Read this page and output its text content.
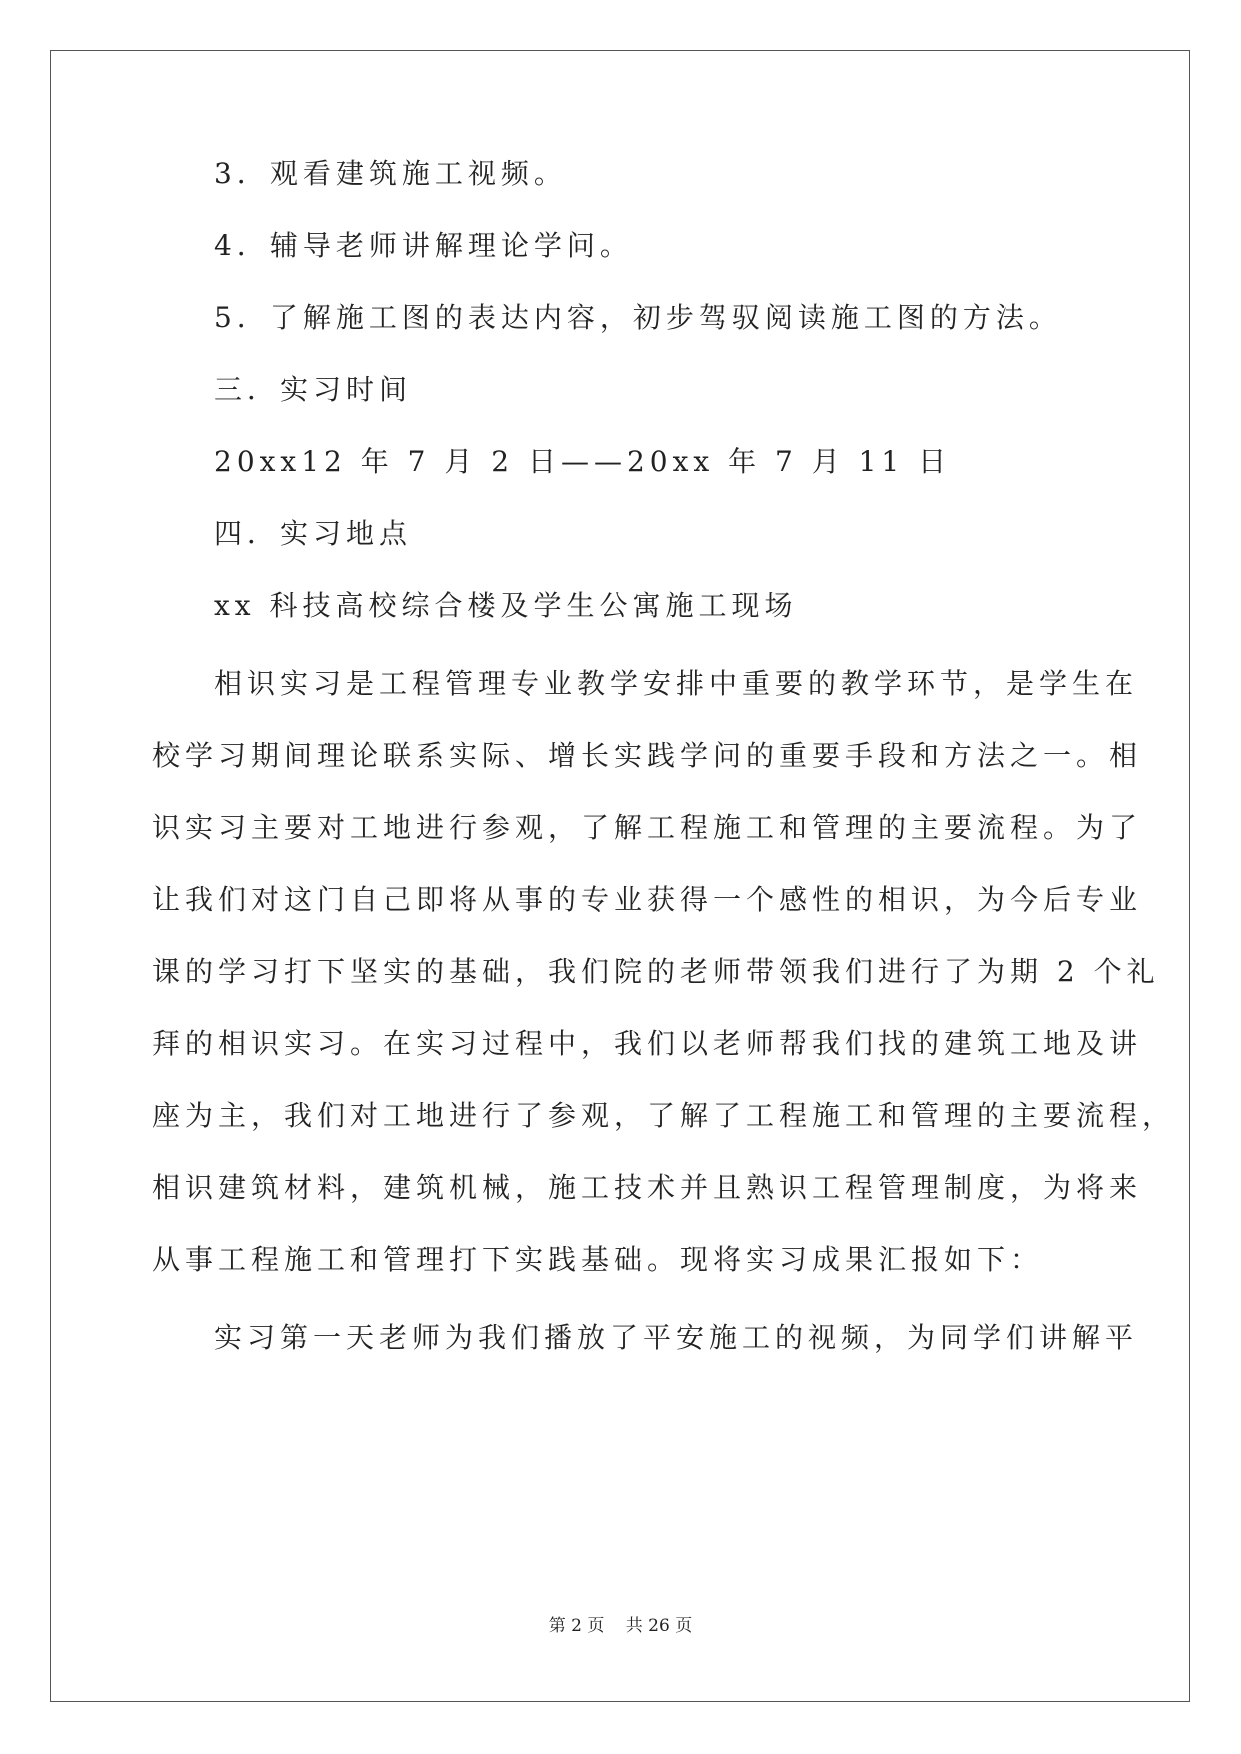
3．观看建筑施工视频。
4．辅导老师讲解理论学问。
5．了解施工图的表达内容，初步驾驭阅读施工图的方法。
三．实习时间
20xx12 年 7 月 2 日——20xx 年 7 月 11 日
四．实习地点
xx 科技高校综合楼及学生公寓施工现场
相识实习是工程管理专业教学安排中重要的教学环节，是学生在
校学习期间理论联系实际、增长实践学问的重要手段和方法之一。相
识实习主要对工地进行参观，了解工程施工和管理的主要流程。为了
让我们对这门自己即将从事的专业获得一个感性的相识，为今后专业
课的学习打下坚实的基础，我们院的老师带领我们进行了为期 2 个礼
拜的相识实习。在实习过程中，我们以老师帮我们找的建筑工地及讲
座为主，我们对工地进行了参观，了解了工程施工和管理的主要流程，
相识建筑材料，建筑机械，施工技术并且熟识工程管理制度，为将来
从事工程施工和管理打下实践基础。现将实习成果汇报如下：
实习第一天老师为我们播放了平安施工的视频，为同学们讲解平
第 2 页 共 26 页
